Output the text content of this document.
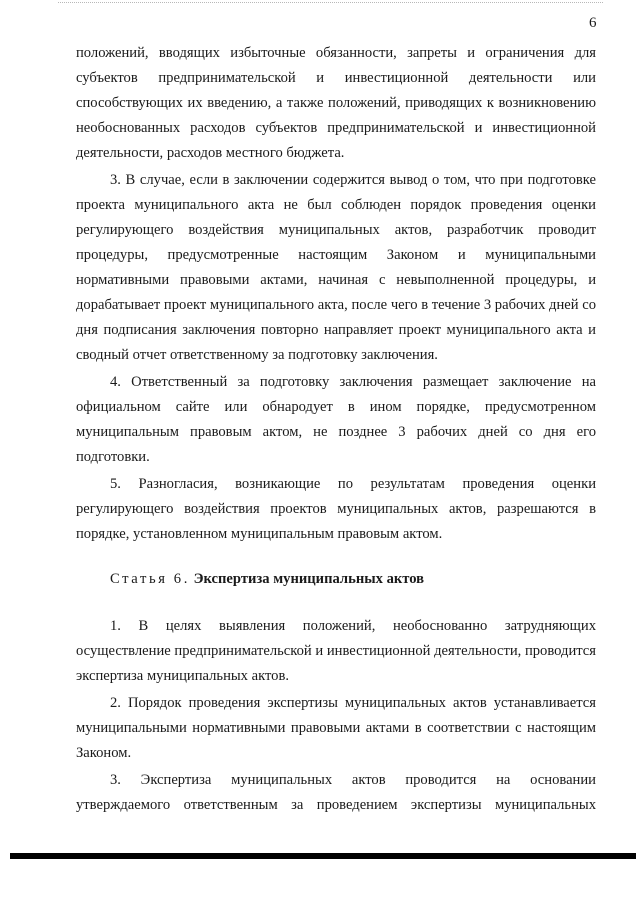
6

положений, вводящих избыточные обязанности, запреты и ограничения для субъектов предпринимательской и инвестиционной деятельности или способствующих их введению, а также положений, приводящих к возникновению необоснованных расходов субъектов предпринимательской и инвестиционной деятельности, расходов местного бюджета.

3. В случае, если в заключении содержится вывод о том, что при подготовке проекта муниципального акта не был соблюден порядок проведения оценки регулирующего воздействия муниципальных актов, разработчик проводит процедуры, предусмотренные настоящим Законом и муниципальными нормативными правовыми актами, начиная с невыполненной процедуры, и дорабатывает проект муниципального акта, после чего в течение 3 рабочих дней со дня подписания заключения повторно направляет проект муниципального акта и сводный отчет ответственному за подготовку заключения.

4. Ответственный за подготовку заключения размещает заключение на официальном сайте или обнародует в ином порядке, предусмотренном муниципальным правовым актом, не позднее 3 рабочих дней со дня его подготовки.

5. Разногласия, возникающие по результатам проведения оценки регулирующего воздействия проектов муниципальных актов, разрешаются в порядке, установленном муниципальным правовым актом.

Статья 6. Экспертиза муниципальных актов

1. В целях выявления положений, необоснованно затрудняющих осуществление предпринимательской и инвестиционной деятельности, проводится экспертиза муниципальных актов.

2. Порядок проведения экспертизы муниципальных актов устанавливается муниципальными нормативными правовыми актами в соответствии с настоящим Законом.

3. Экспертиза муниципальных актов проводится на основании утверждаемого ответственным за проведением экспертизы муниципальных
